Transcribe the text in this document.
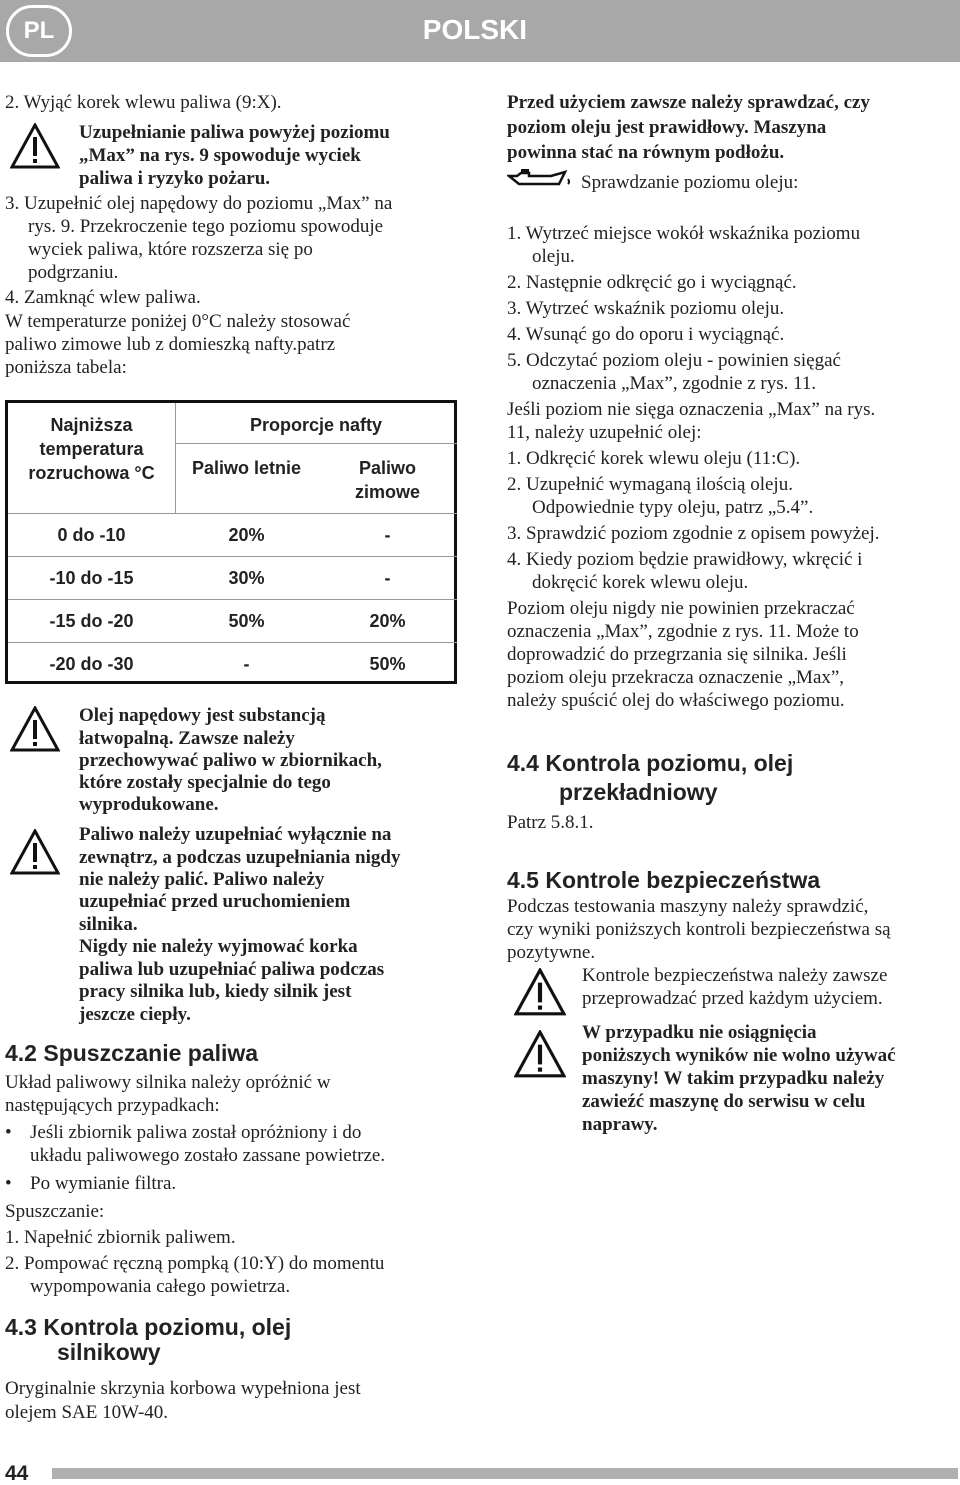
PL	POLSKI
2. Wyjąć korek wlewu paliwa (9:X).
Uzupełnianie paliwa powyżej poziomu
„Max” na rys. 9 spowoduje wyciek
paliwa i ryzyko pożaru.
3. Uzupełnić olej napędowy do poziomu „Max” na
rys. 9. Przekroczenie tego poziomu spowoduje
wyciek paliwa, które rozszerza się po
podgrzaniu.
4. Zamknąć wlew paliwa.
W temperaturze poniżej 0°C należy stosować
paliwo zimowe lub z domieszką nafty.patrz
poniższa tabela:
Najniższa
temperatura
rozruchowa °C
Proporcje nafty
Paliwo letnie	Paliwo
zimowe
0 do -10	20%	-
-10 do -15	30%	-
-15 do -20	50%	20%
-20 do -30	-	50%
Olej napędowy jest substancją
łatwopalną. Zawsze należy
przechowywać paliwo w zbiornikach,
które zostały specjalnie do tego
wyprodukowane.
Paliwo należy uzupełniać wyłącznie na
zewnątrz, a podczas uzupełniania nigdy
nie należy palić. Paliwo należy
uzupełniać przed uruchomieniem
silnika.
Nigdy nie należy wyjmować korka
paliwa lub uzupełniać paliwa podczas
pracy silnika lub, kiedy silnik jest
jeszcze ciepły.
4.2 Spuszczanie paliwa
Układ paliwowy silnika należy opróżnić w
następujących przypadkach:
• Jeśli zbiornik paliwa został opróżniony i do
układu paliwowego zostało zassane powietrze.
• Po wymianie filtra.
Spuszczanie:
1. Napełnić zbiornik paliwem.
2. Pompować ręczną pompką (10:Y) do momentu
wypompowania całego powietrza.
4.3 Kontrola poziomu, olej
silnikowy
Oryginalnie skrzynia korbowa wypełniona jest
olejem SAE 10W-40.
Przed użyciem zawsze należy sprawdzać, czy
poziom oleju jest prawidłowy. Maszyna
powinna stać na równym podłożu.
Sprawdzanie poziomu oleju:
1. Wytrzeć miejsce wokół wskaźnika poziomu
oleju.
2. Następnie odkręcić go i wyciągnąć.
3. Wytrzeć wskaźnik poziomu oleju.
4. Wsunąć go do oporu i wyciągnąć.
5. Odczytać poziom oleju - powinien sięgać
oznaczenia „Max”, zgodnie z rys. 11.
Jeśli poziom nie sięga oznaczenia „Max” na rys.
11, należy uzupełnić olej:
1. Odkręcić korek wlewu oleju (11:C).
2. Uzupełnić wymaganą ilością oleju.
Odpowiednie typy oleju, patrz „5.4”.
3. Sprawdzić poziom zgodnie z opisem powyżej.
4. Kiedy poziom będzie prawidłowy, wkręcić i
dokręcić korek wlewu oleju.
Poziom oleju nigdy nie powinien przekraczać
oznaczenia „Max”, zgodnie z rys. 11. Może to
doprowadzić do przegrzania się silnika. Jeśli
poziom oleju przekracza oznaczenie „Max”,
należy spuścić olej do właściwego poziomu.
4.4 Kontrola poziomu, olej
przekładniowy
Patrz 5.8.1.
4.5 Kontrole bezpieczeństwa
Podczas testowania maszyny należy sprawdzić,
czy wyniki poniższych kontroli bezpieczeństwa są
pozytywne.
Kontrole bezpieczeństwa należy zawsze
przeprowadzać przed każdym użyciem.
W przypadku nie osiągnięcia
poniższych wyników nie wolno używać
maszyny! W takim przypadku należy
zawieźć maszynę do serwisu w celu
naprawy.
44
